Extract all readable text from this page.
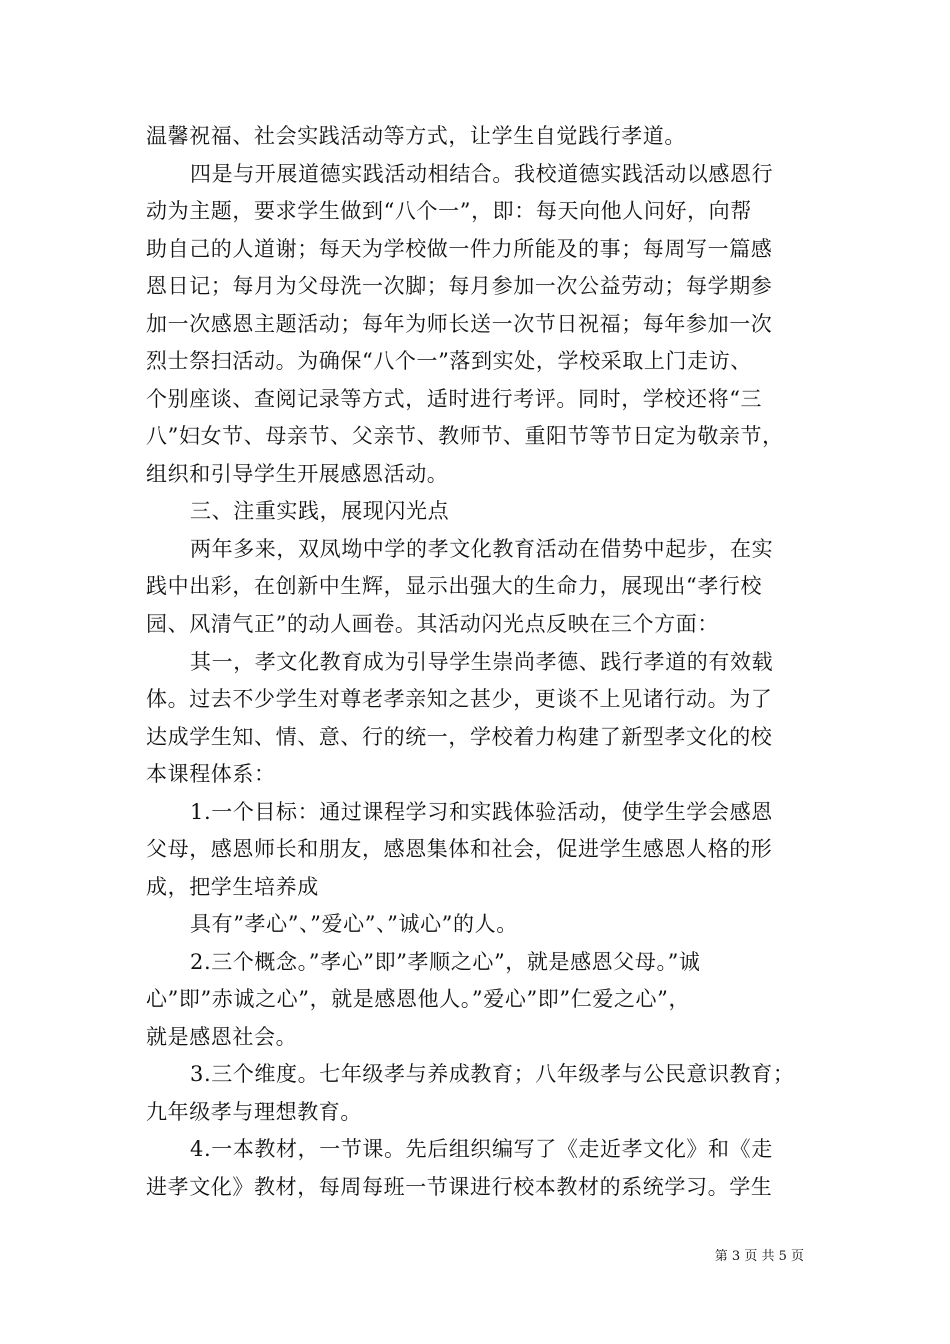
温馨祝福、社会实践活动等方式，让学生自觉践行孝道。
四是与开展道德实践活动相结合。我校道德实践活动以感恩行
动为主题，要求学生做到“八个一”，即：每天向他人问好，向帮
助自己的人道谢；每天为学校做一件力所能及的事；每周写一篇感
恩日记；每月为父母洗一次脚；每月参加一次公益劳动；每学期参
加一次感恩主题活动；每年为师长送一次节日祝福；每年参加一次
烈士祭扫活动。为确保“八个一”落到实处，学校采取上门走访、
个别座谈、查阅记录等方式，适时进行考评。同时，学校还将“三
八”妇女节、母亲节、父亲节、教师节、重阳节等节日定为敬亲节，
组织和引导学生开展感恩活动。
三、注重实践，展现闪光点
两年多来，双凤坳中学的孝文化教育活动在借势中起步，在实
践中出彩，在创新中生辉，显示出强大的生命力，展现出“孝行校
园、风清气正”的动人画卷。其活动闪光点反映在三个方面：
其一，孝文化教育成为引导学生崇尚孝德、践行孝道的有效载
体。过去不少学生对尊老孝亲知之甚少，更谈不上见诸行动。为了
达成学生知、情、意、行的统一，学校着力构建了新型孝文化的校
本课程体系：
1.一个目标：通过课程学习和实践体验活动，使学生学会感恩
父母，感恩师长和朋友，感恩集体和社会，促进学生感恩人格的形
成，把学生培养成
具有”孝心”、”爱心”、”诚心”的人。
2.三个概念。”孝心”即”孝顺之心”，就是感恩父母。”诚
心”即”赤诚之心”，就是感恩他人。”爱心”即”仁爱之心”，
就是感恩社会。
3.三个维度。七年级孝与养成教育；八年级孝与公民意识教育；
九年级孝与理想教育。
4.一本教材，一节课。先后组织编写了《走近孝文化》和《走
进孝文化》教材，每周每班一节课进行校本教材的系统学习。学生
第 3 页 共 5 页
